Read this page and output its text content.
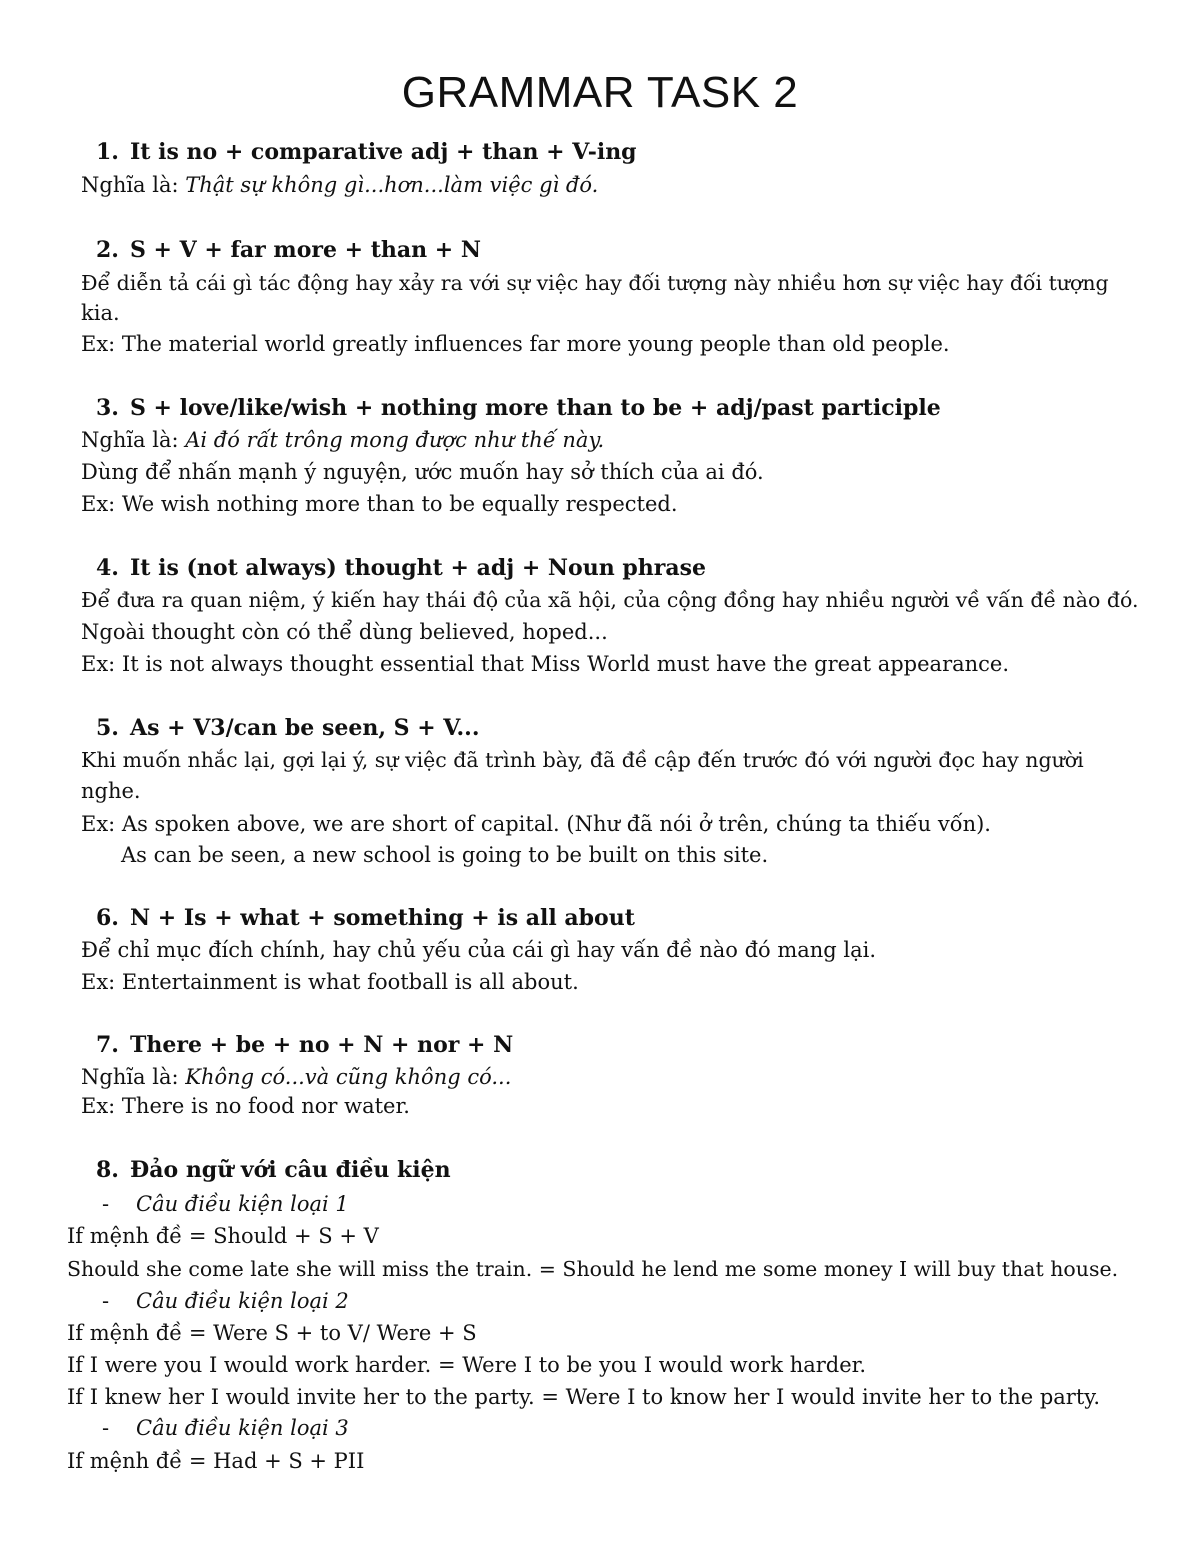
GRAMMAR TASK 2
1. It is no + comparative adj + than + V-ing
Nghĩa là: Thật sự không gì...hơn...làm việc gì đó.
2. S + V + far more + than + N
Để diễn tả cái gì tác động hay xảy ra với sự việc hay đối tượng này nhiều hơn sự việc hay đối tượng
kia.
Ex: The material world greatly influences far more young people than old people.
3. S + love/like/wish + nothing more than to be + adj/past participle
Nghĩa là: Ai đó rất trông mong được như thế này.
Dùng để nhấn mạnh ý nguyện, ước muốn hay sở thích của ai đó.
Ex: We wish nothing more than to be equally respected.
4. It is (not always) thought + adj + Noun phrase
Để đưa ra quan niệm, ý kiến hay thái độ của xã hội, của cộng đồng hay nhiều người về vấn đề nào đó.
Ngoài thought còn có thể dùng believed, hoped...
Ex: It is not always thought essential that Miss World must have the great appearance.
5. As + V3/can be seen, S + V...
Khi muốn nhắc lại, gợi lại ý, sự việc đã trình bày, đã đề cập đến trước đó với người đọc hay người
nghe.
Ex: As spoken above, we are short of capital. (Như đã nói ở trên, chúng ta thiếu vốn).
As can be seen, a new school is going to be built on this site.
6. N + Is + what + something + is all about
Để chỉ mục đích chính, hay chủ yếu của cái gì hay vấn đề nào đó mang lại.
Ex: Entertainment is what football is all about.
7. There + be + no + N + nor + N
Nghĩa là: Không có...và cũng không có...
Ex: There is no food nor water.
8. Đảo ngữ với câu điều kiện
- Câu điều kiện loại 1
If mệnh đề = Should + S + V
Should she come late she will miss the train. = Should he lend me some money I will buy that house.
- Câu điều kiện loại 2
If mệnh đề = Were S + to V/ Were + S
If I were you I would work harder. = Were I to be you I would work harder.
If I knew her I would invite her to the party. = Were I to know her I would invite her to the party.
- Câu điều kiện loại 3
If mệnh đề = Had + S + PII
